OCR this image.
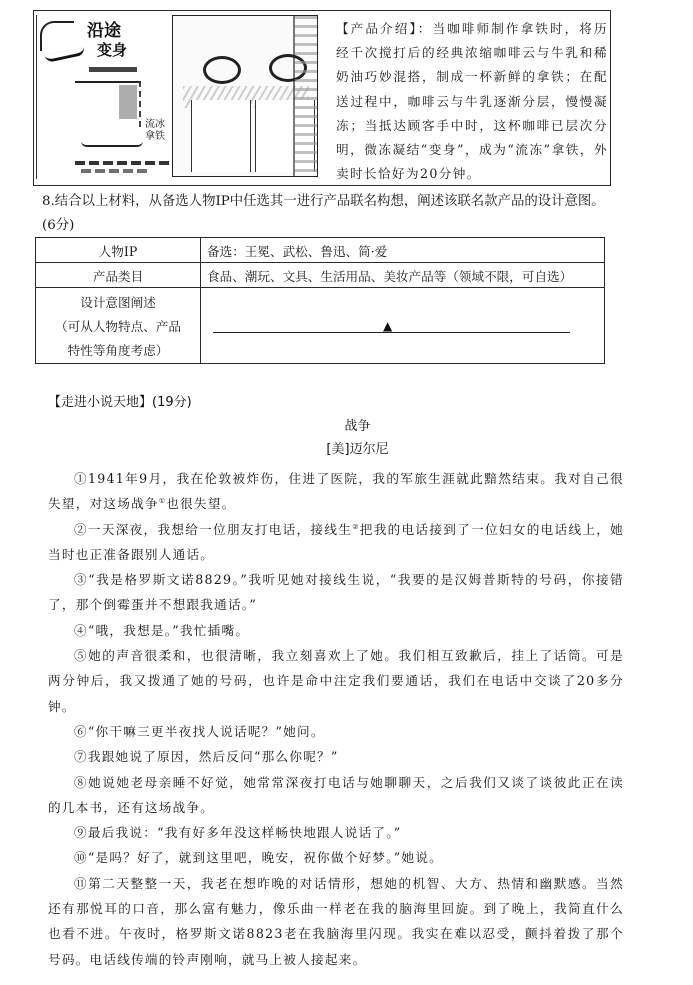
沿途
变身
流冰拿铁
【产品介绍】：当咖啡师制作拿铁时，将历经千次搅打后的经典浓缩咖啡云与牛乳和稀奶油巧妙混搭，制成一杯新鲜的拿铁；在配送过程中，咖啡云与牛乳逐渐分层，慢慢凝冻；当抵达顾客手中时，这杯咖啡已层次分明，微冻凝结“变身”，成为“流冻”拿铁，外卖时长恰好为20分钟。
8.结合以上材料，从备选人物IP中任选其一进行产品联名构想，阐述该联名款产品的设计意图。(6分)
人物IP	备选：王冕、武松、鲁迅、简·爱
产品类目	食品、潮玩、文具、生活用品、美妆产品等（领域不限，可自选）

设计意图阐述
（可从人物特点、产品
特性等角度考虑）	▲
【走进小说天地】(19分)
战争
[美]迈尔尼

①1941年9月，我在伦敦被炸伤，住进了医院，我的军旅生涯就此黯然结束。我对自己很失望，对这场战争①也很失望。

②一天深夜，我想给一位朋友打电话，接线生②把我的电话接到了一位妇女的电话线上，她当时也正准备跟别人通话。

③“我是格罗斯文诺8829。”我听见她对接线生说，“我要的是汉姆普斯特的号码，你接错了，那个倒霉蛋并不想跟我通话。”

④“哦，我想是。”我忙插嘴。

⑤她的声音很柔和，也很清晰，我立刻喜欢上了她。我们相互致歉后，挂上了话筒。可是两分钟后，我又拨通了她的号码，也许是命中注定我们要通话，我们在电话中交谈了20多分钟。

⑥“你干嘛三更半夜找人说话呢？”她问。

⑦我跟她说了原因，然后反问“那么你呢？”

⑧她说她老母亲睡不好觉，她常常深夜打电话与她聊聊天，之后我们又谈了谈彼此正在读的几本书，还有这场战争。

⑨最后我说：“我有好多年没这样畅快地跟人说话了。”

⑩“是吗？好了，就到这里吧，晚安，祝你做个好梦。”她说。

⑪第二天整整一天，我老在想昨晚的对话情形，想她的机智、大方、热情和幽默感。当然还有那悦耳的口音，那么富有魅力，像乐曲一样老在我的脑海里回旋。到了晚上，我简直什么也看不进。午夜时，格罗斯文诺8823老在我脑海里闪现。我实在难以忍受，颤抖着拨了那个号码。电话线传端的铃声刚响，就马上被人接起来。
